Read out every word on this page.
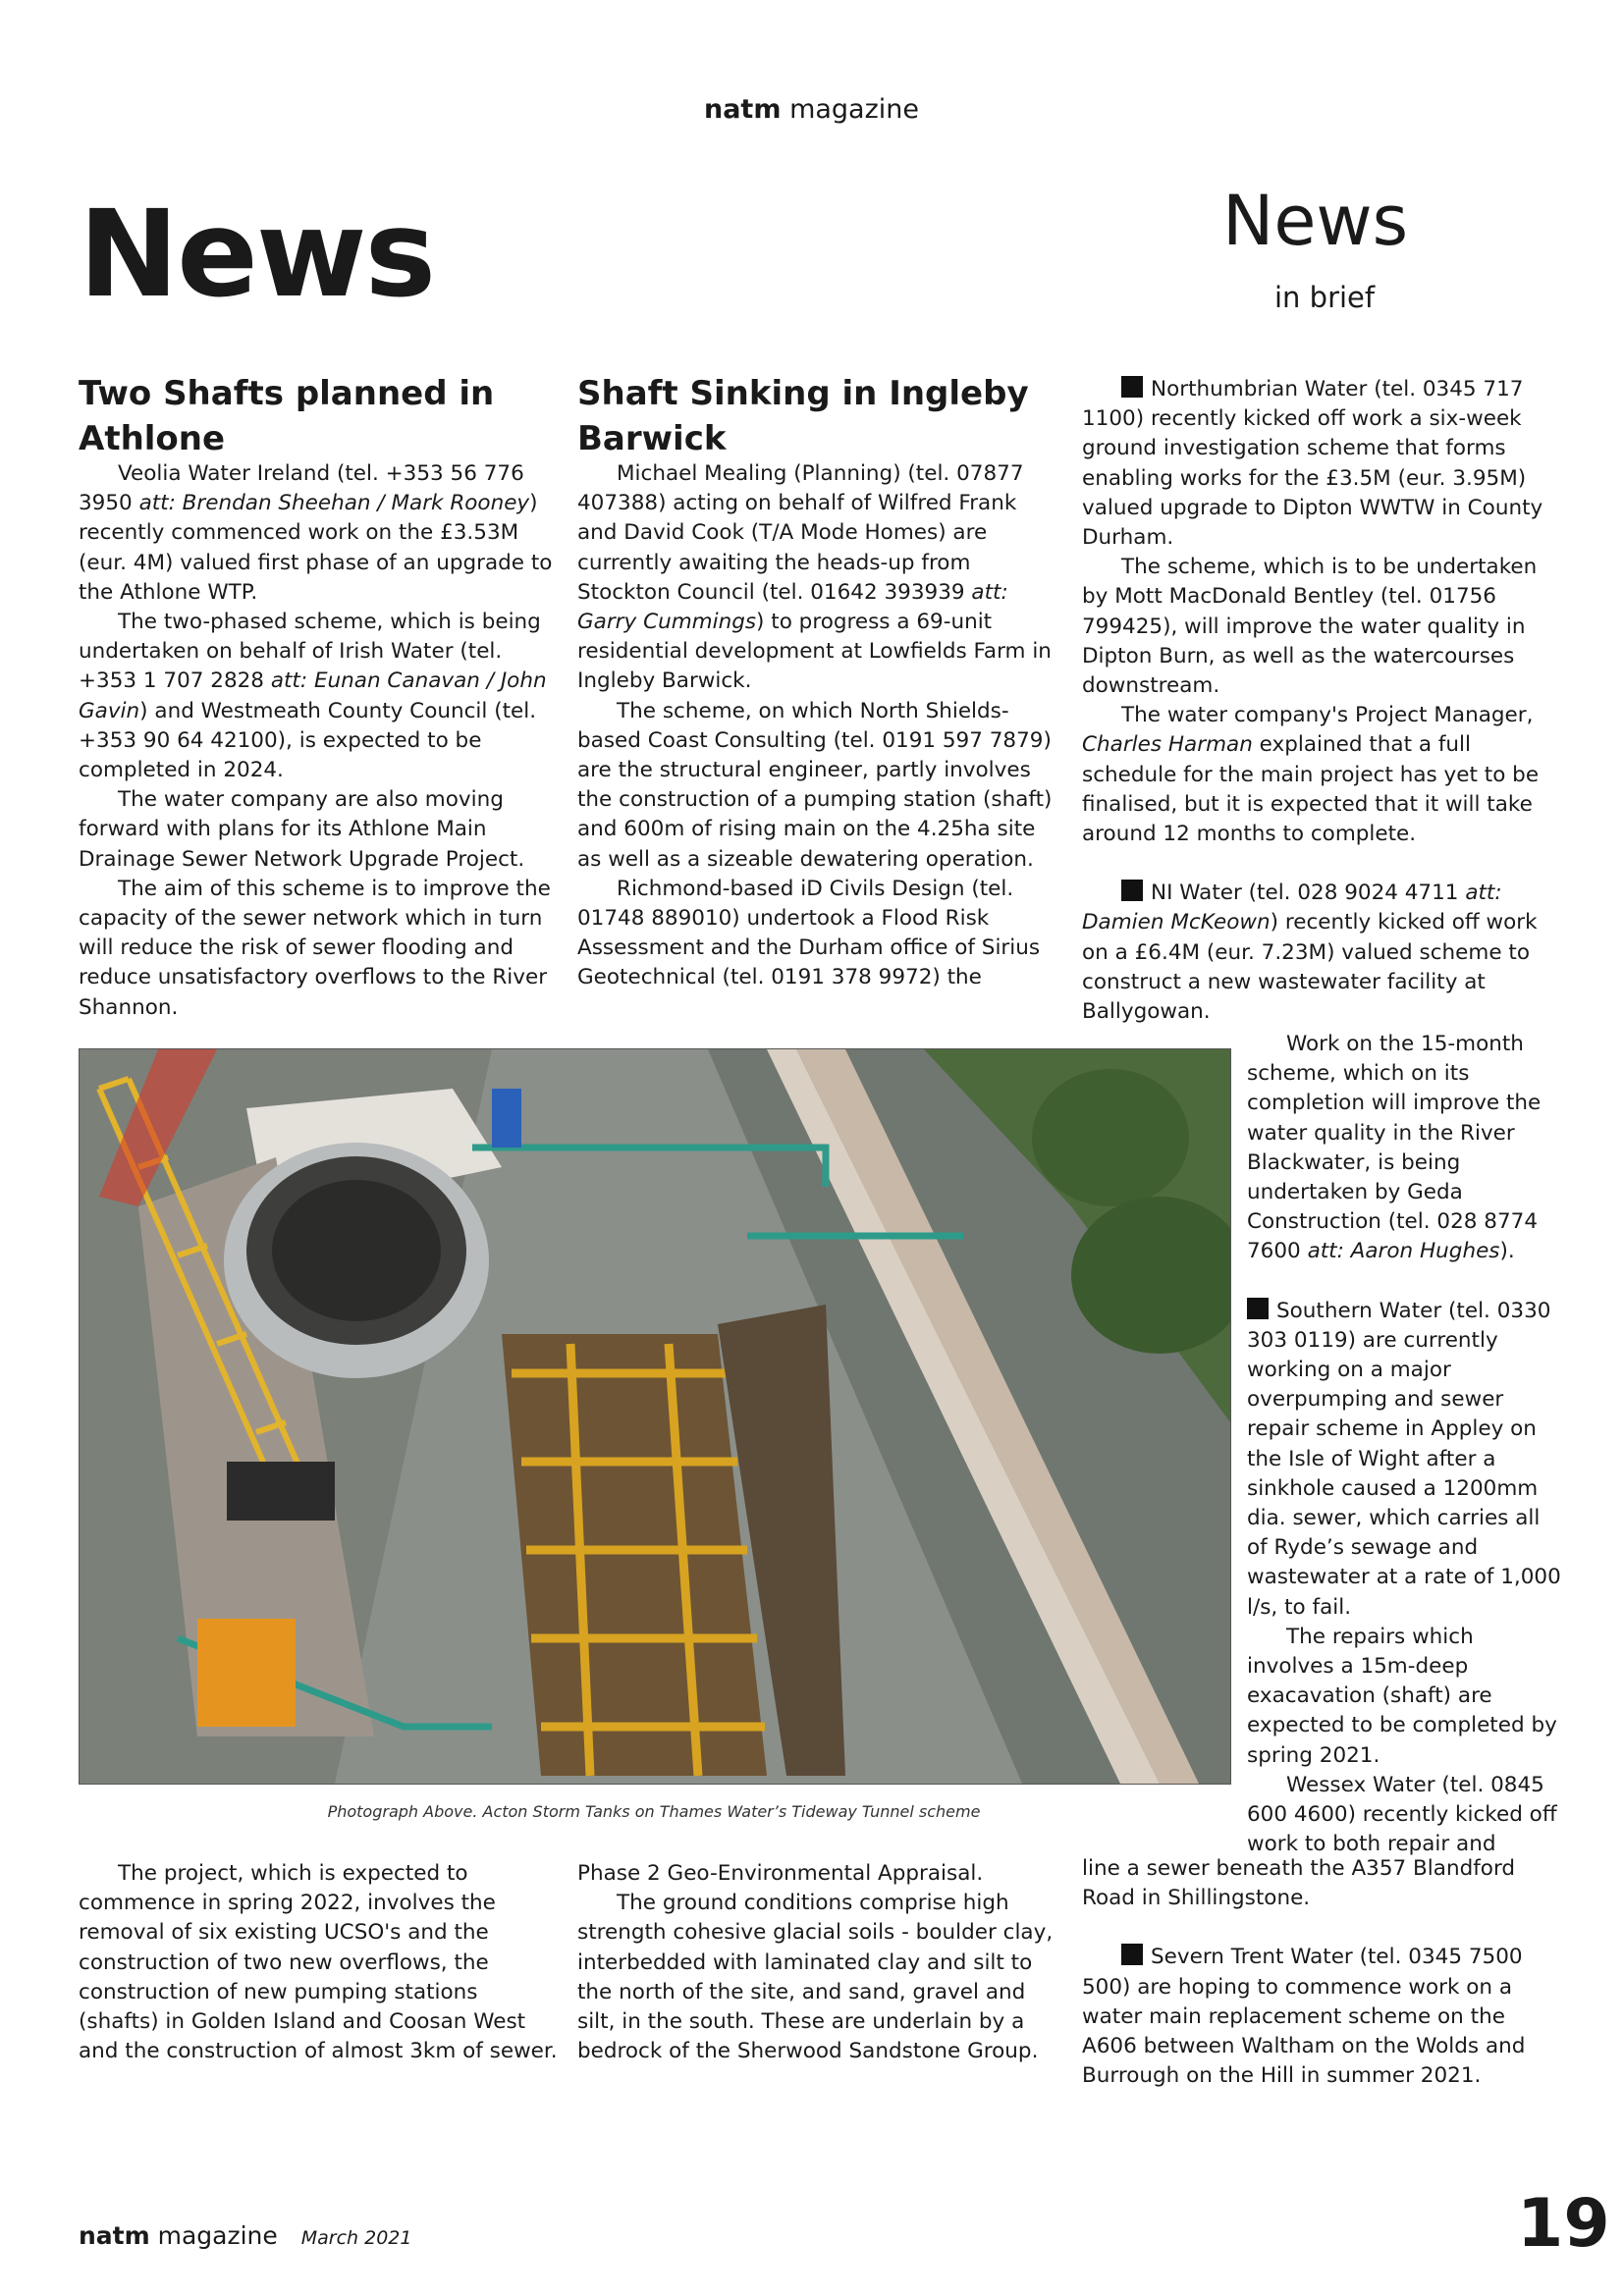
natm magazine
News	News
in brief
Two Shafts planned in Athlone

Veolia Water Ireland (tel. +353 56 776 3950 att: Brendan Sheehan / Mark Rooney) recently commenced work on the £3.53M (eur. 4M) valued first phase of an upgrade to the Athlone WTP.

The two-phased scheme, which is being undertaken on behalf of Irish Water (tel. +353 1 707 2828 att: Eunan Canavan / John Gavin) and Westmeath County Council (tel. +353 90 64 42100), is expected to be completed in 2024.

The water company are also moving forward with plans for its Athlone Main Drainage Sewer Network Upgrade Project.

The aim of this scheme is to improve the capacity of the sewer network which in turn will reduce the risk of sewer flooding and reduce unsatisfactory overflows to the River Shannon.

Shaft Sinking in Ingleby Barwick

Michael Mealing (Planning) (tel. 07877 407388) acting on behalf of Wilfred Frank and David Cook (T/A Mode Homes) are currently awaiting the heads-up from Stockton Council (tel. 01642 393939 att: Garry Cummings) to progress a 69-unit residential development at Lowfields Farm in Ingleby Barwick.

The scheme, on which North Shields-based Coast Consulting (tel. 0191 597 7879) are the structural engineer, partly involves the construction of a pumping station (shaft) and 600m of rising main on the 4.25ha site as well as a sizeable dewatering operation.

Richmond-based iD Civils Design (tel. 01748 889010) undertook a Flood Risk Assessment and the Durham office of Sirius Geotechnical (tel. 0191 378 9972) the

Northumbrian Water (tel. 0345 717 1100) recently kicked off work a six-week ground investigation scheme that forms enabling works for the £3.5M (eur. 3.95M) valued upgrade to Dipton WWTW in County Durham.

The scheme, which is to be undertaken by Mott MacDonald Bentley (tel. 01756 799425), will improve the water quality in Dipton Burn, as well as the watercourses downstream.

The water company's Project Manager, Charles Harman explained that a full schedule for the main project has yet to be finalised, but it is expected that it will take around 12 months to complete.

NI Water (tel. 028 9024 4711 att: Damien McKeown) recently kicked off work on a £6.4M (eur. 7.23M) valued scheme to construct a new wastewater facility at Ballygowan.

Work on the 15-month scheme, which on its completion will improve the water quality in the River Blackwater, is being undertaken by Geda Construction (tel. 028 8774 7600 att: Aaron Hughes).

Southern Water (tel. 0330 303 0119) are currently working on a major overpumping and sewer repair scheme in Appley on the Isle of Wight after a sinkhole caused a 1200mm dia. sewer, which carries all of Ryde’s sewage and wastewater at a rate of 1,000 l/s, to fail.

The repairs which involves a 15m-deep exacavation (shaft) are expected to be completed by spring 2021.

Wessex Water (tel. 0845 600 4600) recently kicked off work to both repair and

Photograph Above. Acton Storm Tanks on Thames Water’s Tideway Tunnel scheme

The project, which is expected to commence in spring 2022, involves the removal of six existing UCSO's and the construction of two new overflows, the construction of new pumping stations (shafts) in Golden Island and Coosan West and the construction of almost 3km of sewer.

Phase 2 Geo-Environmental Appraisal.

The ground conditions comprise high strength cohesive glacial soils - boulder clay, interbedded with laminated clay and silt to the north of the site, and sand, gravel and silt, in the south. These are underlain by a bedrock of the Sherwood Sandstone Group.

line a sewer beneath the A357 Blandford Road in Shillingstone.

Severn Trent Water (tel. 0345 7500 500) are hoping to commence work on a water main replacement scheme on the A606 between Waltham on the Wolds and Burrough on the Hill in summer 2021.

natm magazine March 2021	19
